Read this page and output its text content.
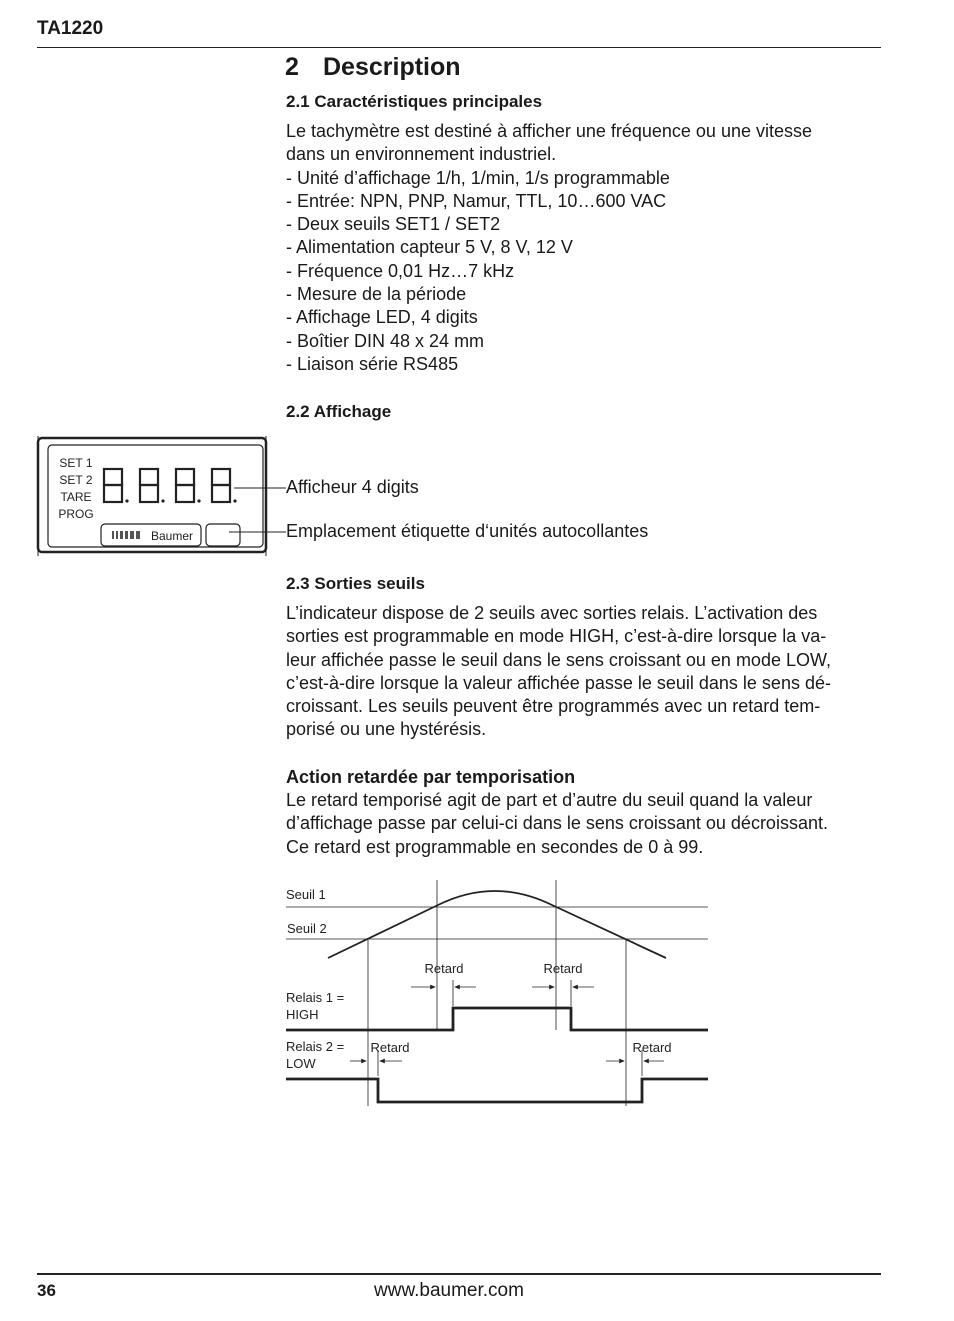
TA1220
2 Description
2.1 Caractéristiques principales
Le tachymètre est destiné à afficher une fréquence ou une vitesse
dans un environnement industriel.
- Unité d’affichage 1/h, 1/min, 1/s programmable
- Entrée: NPN, PNP, Namur, TTL, 10…600 VAC
- Deux seuils SET1 / SET2
- Alimentation capteur 5 V, 8 V, 12 V
- Fréquence 0,01 Hz…7 kHz
- Mesure de la période
- Affichage LED, 4 digits
- Boîtier DIN 48 x 24 mm
- Liaison série RS485
2.2 Affichage
SET 1
SET 2
TARE
PROG
Baumer
Afficheur 4 digits
Emplacement étiquette d‘unités autocollantes
2.3 Sorties seuils
L’indicateur dispose de 2 seuils avec sorties relais. L’activation des
sorties est programmable en mode HIGH, c’est-à-dire lorsque la va-
leur affichée passe le seuil dans le sens croissant ou en mode LOW,
c’est-à-dire lorsque la valeur affichée passe le seuil dans le sens dé-
croissant. Les seuils peuvent être programmés avec un retard tem-
porisé ou une hystérésis.
Action retardée par temporisation
Le retard temporisé agit de part et d’autre du seuil quand la valeur
d’affichage passe par celui-ci dans le sens croissant ou décroissant.
Ce retard est programmable en secondes de 0 à 99.
Seuil 1
Seuil 2
Relais 1 =
HIGH
Relais 2 =
LOW
Retard	Retard
Retard	Retard
36	www.baumer.com
